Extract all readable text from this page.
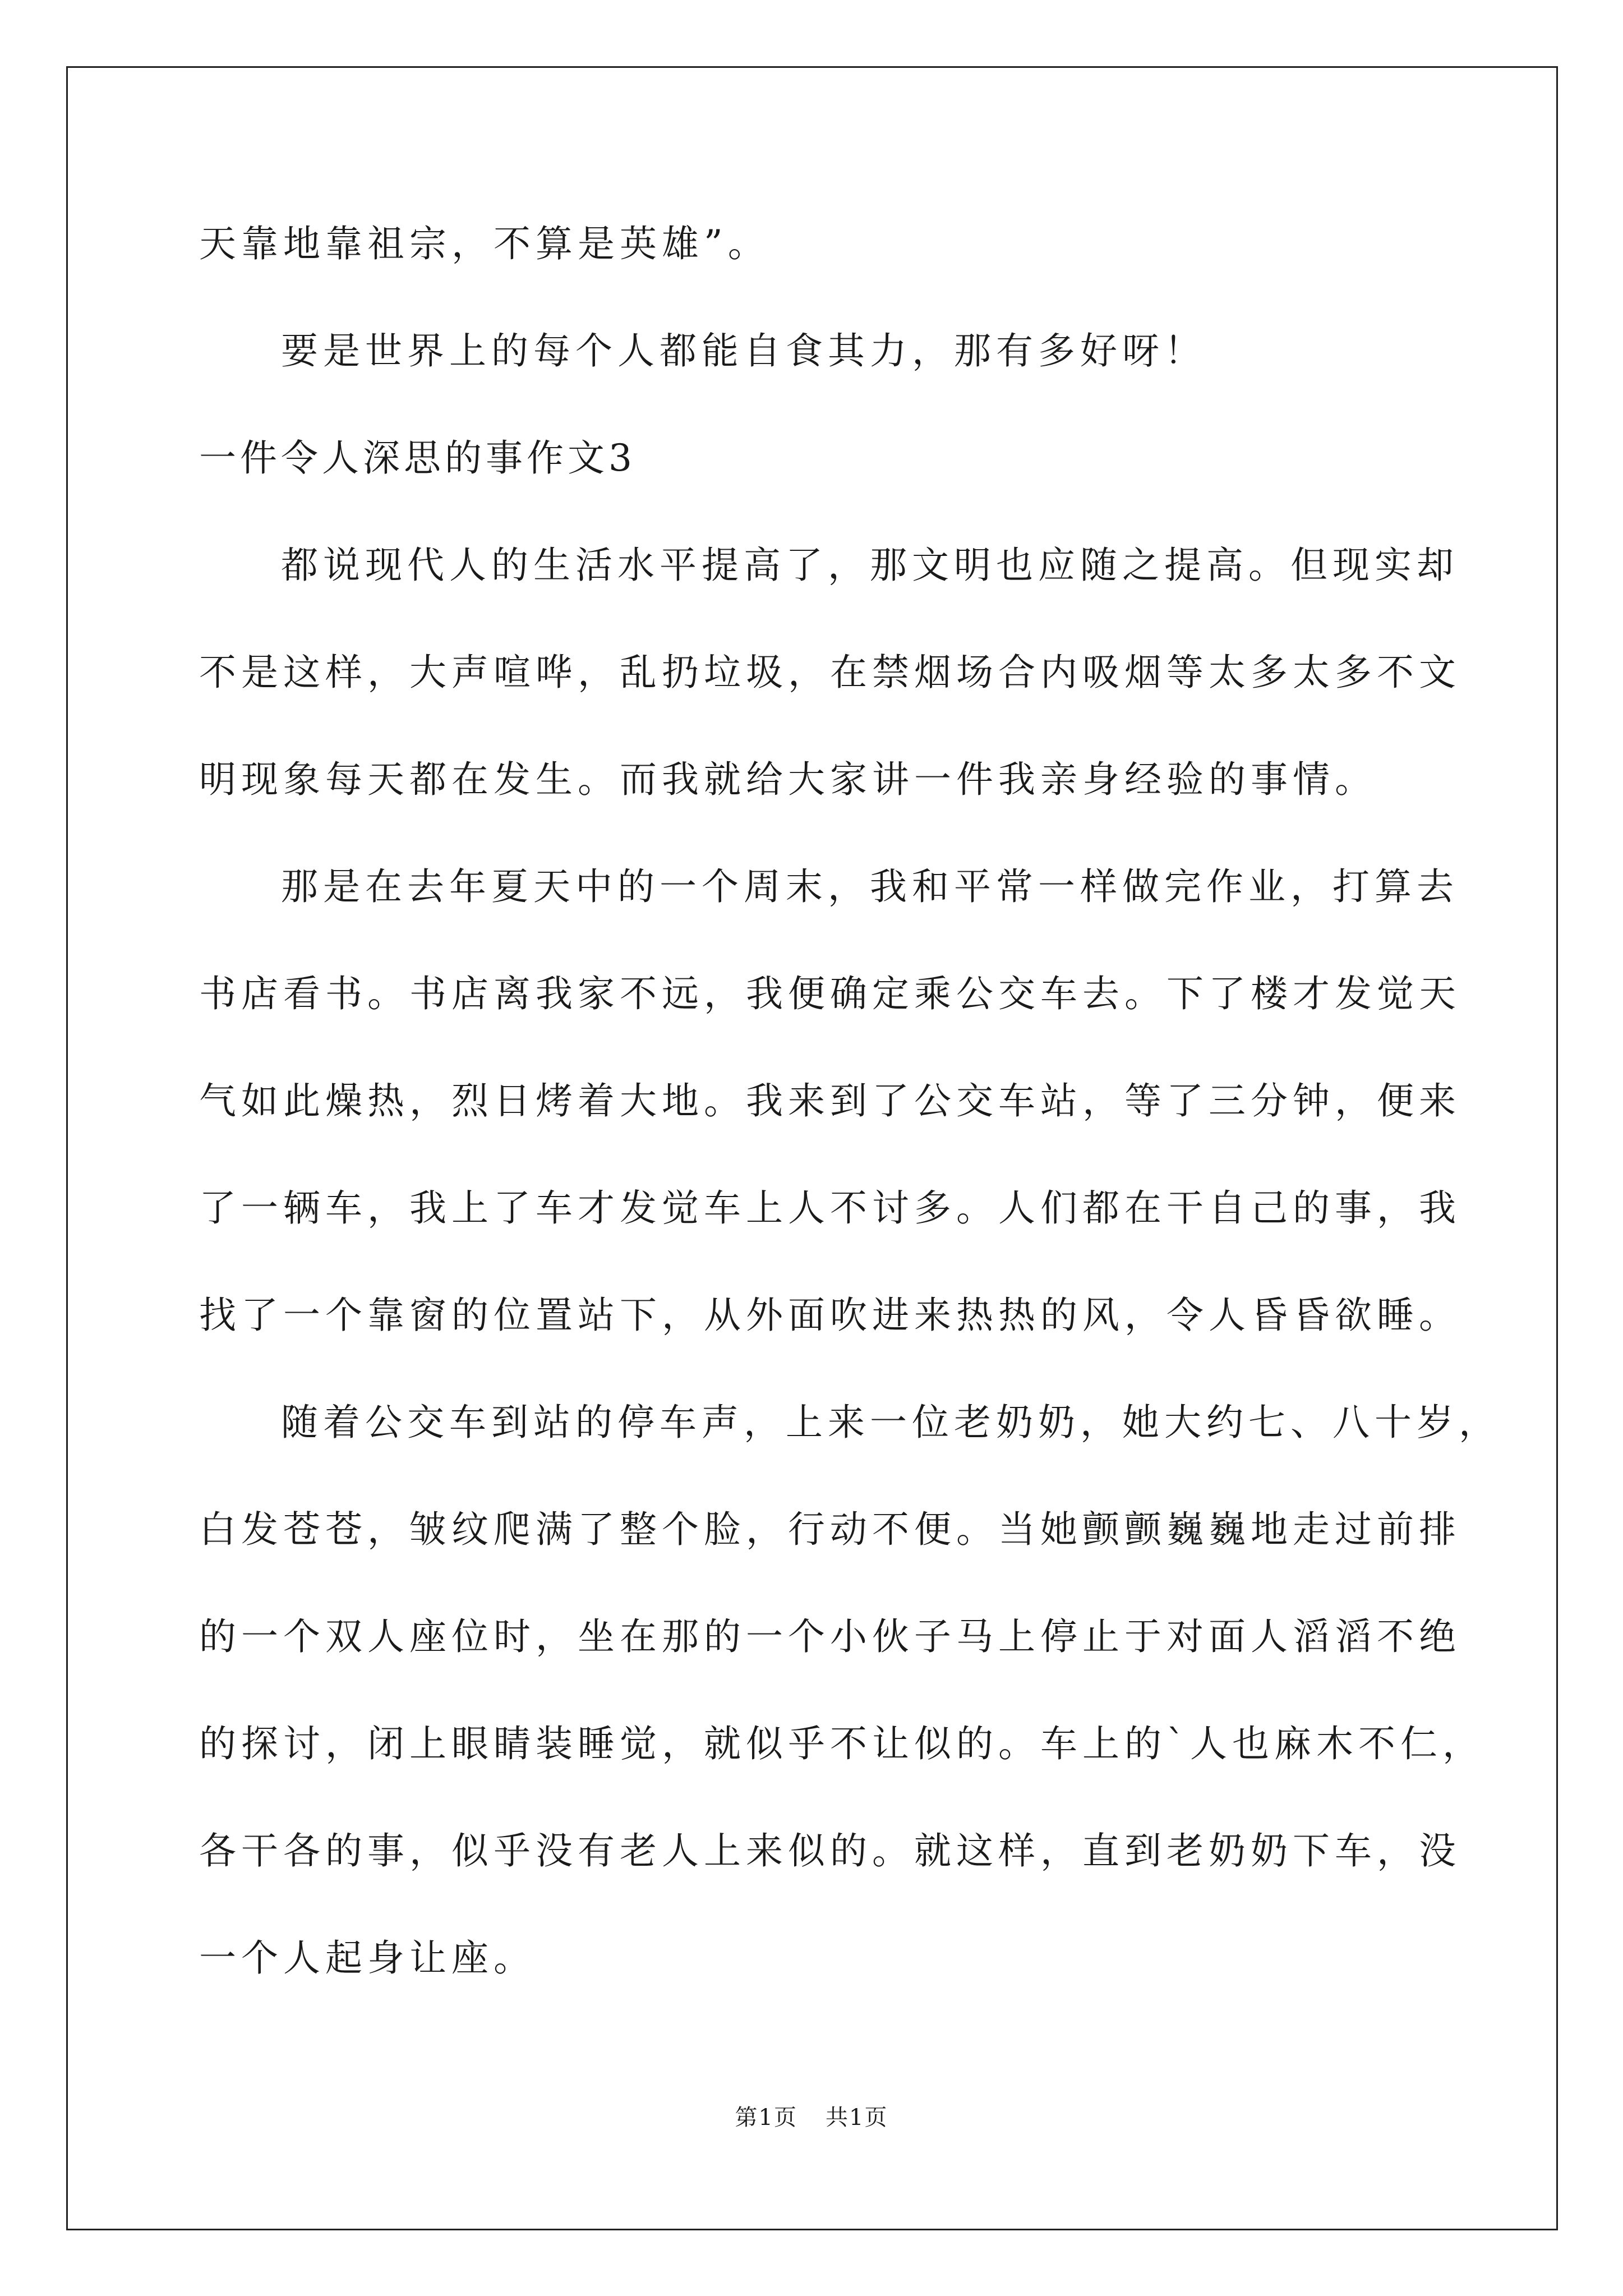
天靠地靠祖宗，不算是英雄”。
要是世界上的每个人都能自食其力，那有多好呀！
一件令人深思的事作文3
都说现代人的生活水平提高了，那文明也应随之提高。但现实却
不是这样，大声喧哗，乱扔垃圾，在禁烟场合内吸烟等太多太多不文
明现象每天都在发生。而我就给大家讲一件我亲身经验的事情。
那是在去年夏天中的一个周末，我和平常一样做完作业，打算去
书店看书。书店离我家不远，我便确定乘公交车去。下了楼才发觉天
气如此燥热，烈日烤着大地。我来到了公交车站，等了三分钟，便来
了一辆车，我上了车才发觉车上人不讨多。人们都在干自己的事，我
找了一个靠窗的位置站下，从外面吹进来热热的风，令人昏昏欲睡。
随着公交车到站的停车声，上来一位老奶奶，她大约七、八十岁，
白发苍苍，皱纹爬满了整个脸，行动不便。当她颤颤巍巍地走过前排
的一个双人座位时，坐在那的一个小伙子马上停止于对面人滔滔不绝
的探讨，闭上眼睛装睡觉，就似乎不让似的。车上的`人也麻木不仁，
各干各的事，似乎没有老人上来似的。就这样，直到老奶奶下车，没
一个人起身让座。
第1页 共1页
